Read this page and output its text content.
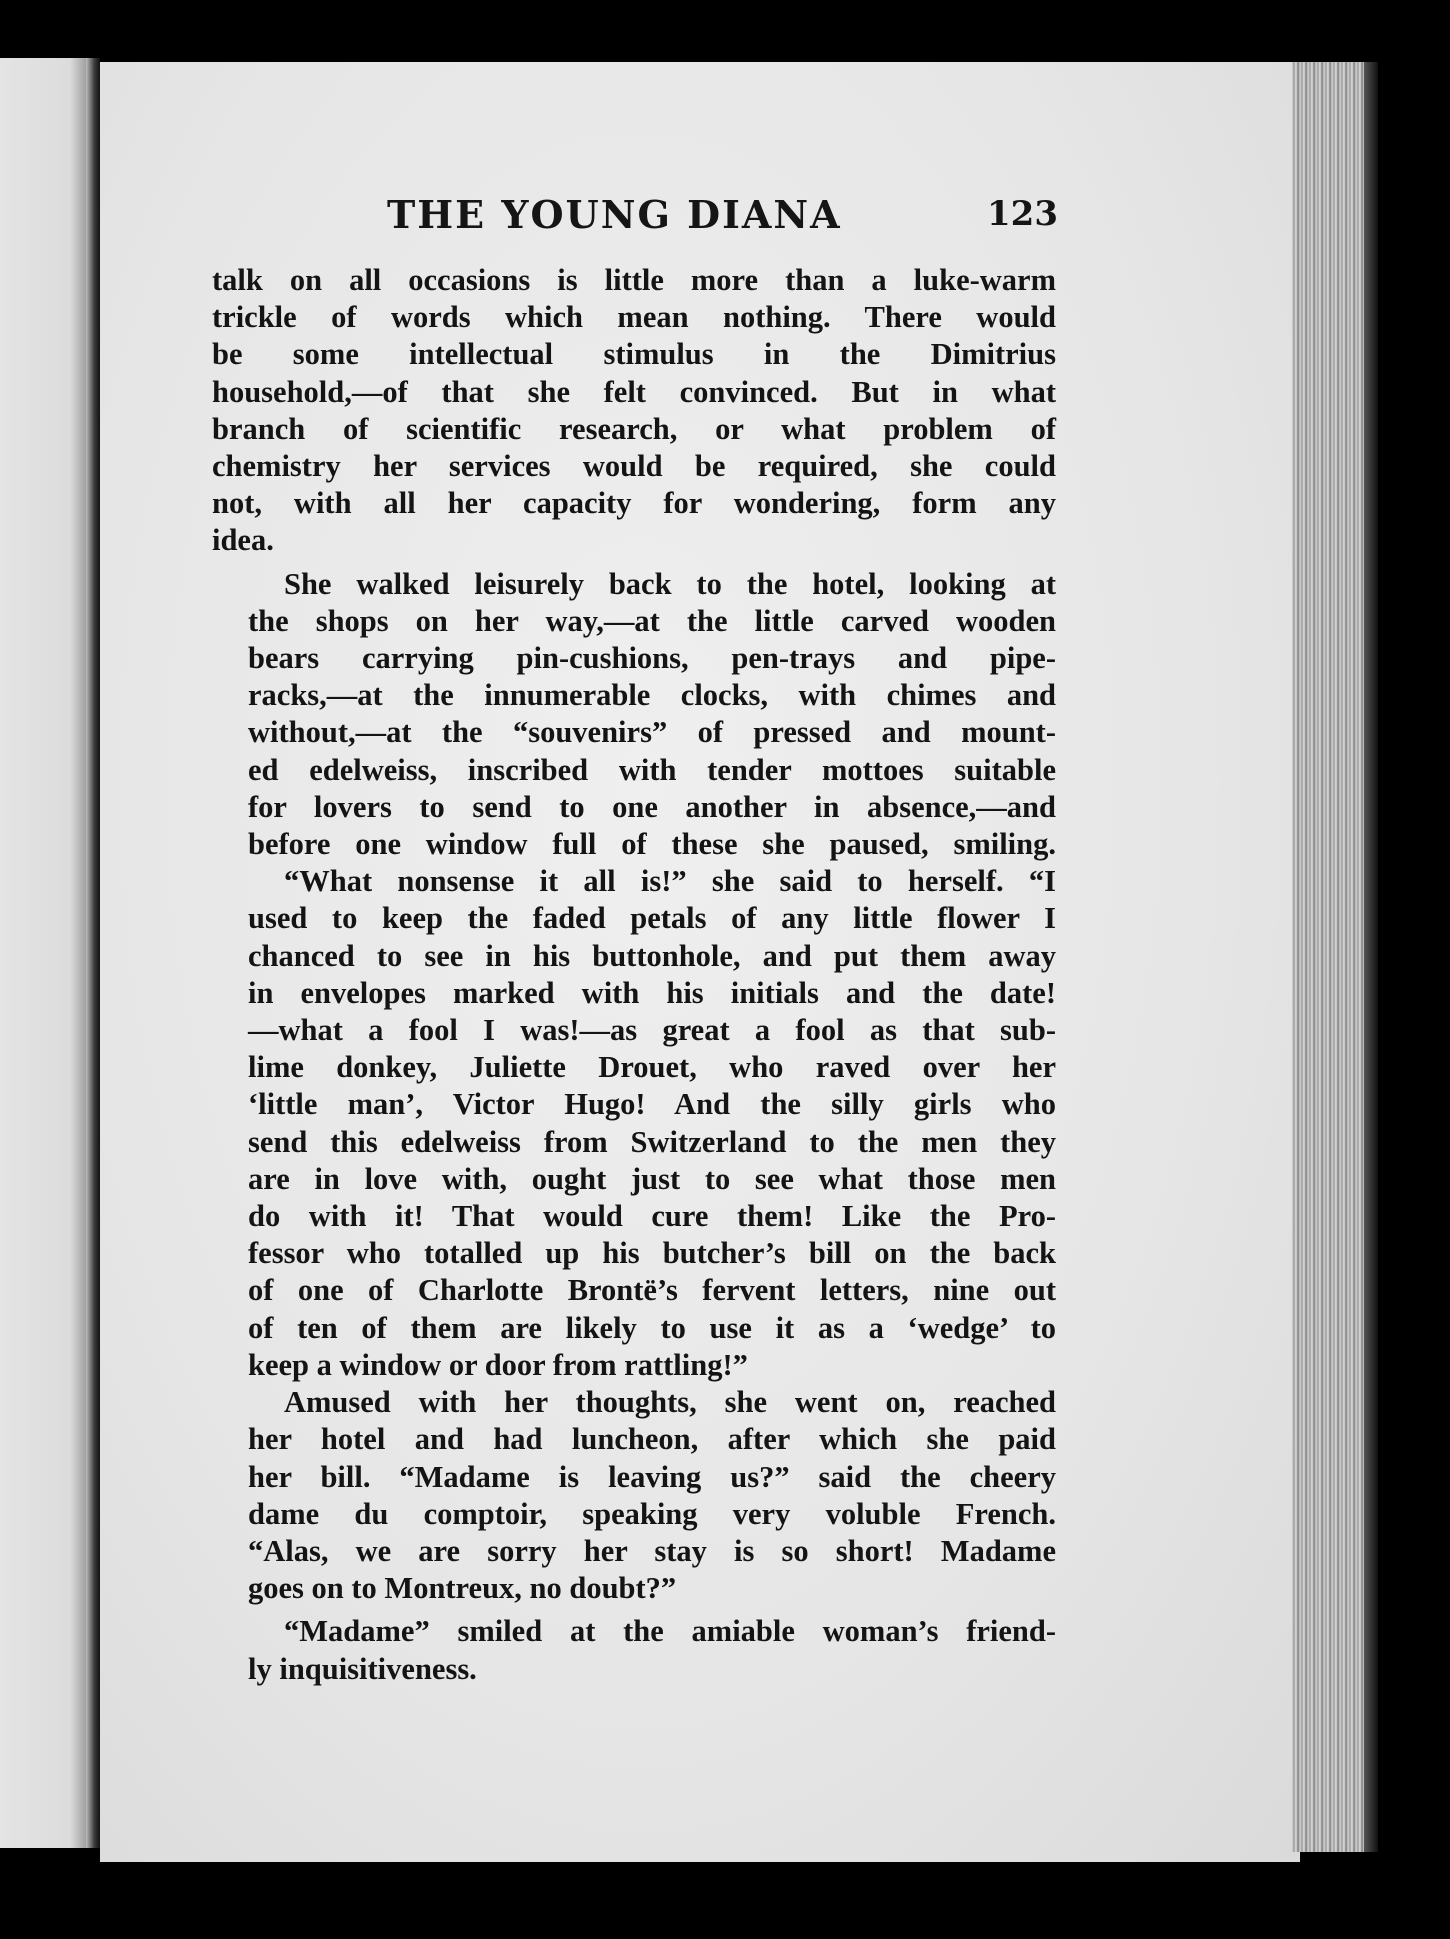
THE YOUNG DIANA	123
talk on all occasions is little more than a luke-warm
trickle of words which mean nothing. There would
be some intellectual stimulus in the Dimitrius
household,—of that she felt convinced. But in what
branch of scientific research, or what problem of
chemistry her services would be required, she could
not, with all her capacity for wondering, form any
idea.
She walked leisurely back to the hotel, looking at
the shops on her way,—at the little carved wooden
bears carrying pin-cushions, pen-trays and pipe-
racks,—at the innumerable clocks, with chimes and
without,—at the “souvenirs” of pressed and mount-
ed edelweiss, inscribed with tender mottoes suitable
for lovers to send to one another in absence,—and
before one window full of these she paused, smiling.
“What nonsense it all is!” she said to herself. “I
used to keep the faded petals of any little flower I
chanced to see in his buttonhole, and put them away
in envelopes marked with his initials and the date!
—what a fool I was!—as great a fool as that sub-
lime donkey, Juliette Drouet, who raved over her
‘little man’, Victor Hugo! And the silly girls who
send this edelweiss from Switzerland to the men they
are in love with, ought just to see what those men
do with it! That would cure them! Like the Pro-
fessor who totalled up his butcher’s bill on the back
of one of Charlotte Brontë’s fervent letters, nine out
of ten of them are likely to use it as a ‘wedge’ to
keep a window or door from rattling!”
Amused with her thoughts, she went on, reached
her hotel and had luncheon, after which she paid
her bill. “Madame is leaving us?” said the cheery
dame du comptoir, speaking very voluble French.
“Alas, we are sorry her stay is so short! Madame
goes on to Montreux, no doubt?”
“Madame” smiled at the amiable woman’s friend-
ly inquisitiveness.
